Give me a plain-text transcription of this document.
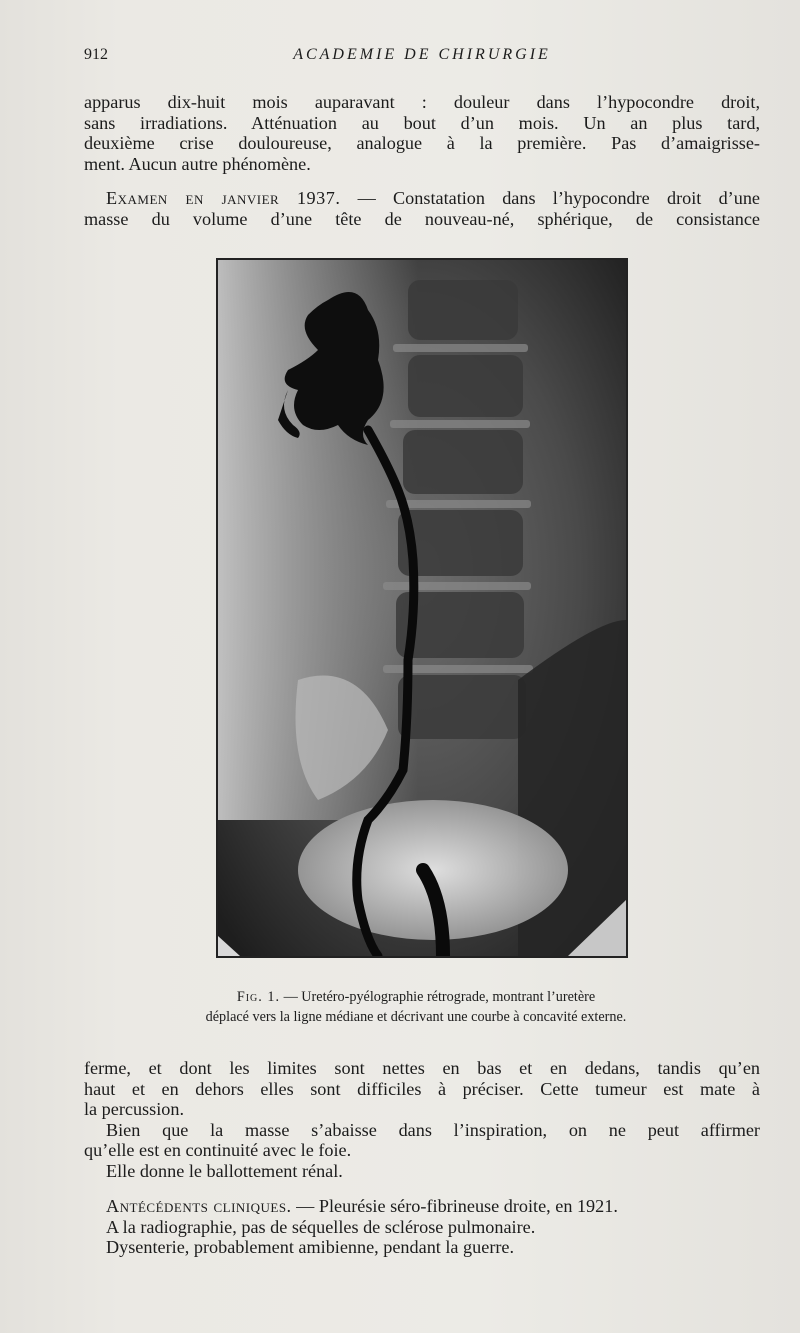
912	ACADEMIE DE CHIRURGIE
apparus dix-huit mois auparavant : douleur dans l’hypocondre droit,
sans irradiations. Atténuation au bout d’un mois. Un an plus tard,
deuxième crise douloureuse, analogue à la première. Pas d’amaigrisse-
ment. Aucun autre phénomène.
Examen en janvier 1937. — Constatation dans l’hypocondre droit d’une
masse du volume d’une tête de nouveau-né, sphérique, de consistance
Fig. 1. — Uretéro-pyélographie rétrograde, montrant l’uretère
déplacé vers la ligne médiane et décrivant une courbe à concavité externe.
ferme, et dont les limites sont nettes en bas et en dedans, tandis qu’en
haut et en dehors elles sont difficiles à préciser. Cette tumeur est mate à
la percussion.
Bien que la masse s’abaisse dans l’inspiration, on ne peut affirmer
qu’elle est en continuité avec le foie.
Elle donne le ballottement rénal.
Antécédents cliniques. — Pleurésie séro-fibrineuse droite, en 1921.
A la radiographie, pas de séquelles de sclérose pulmonaire.
Dysenterie, probablement amibienne, pendant la guerre.
